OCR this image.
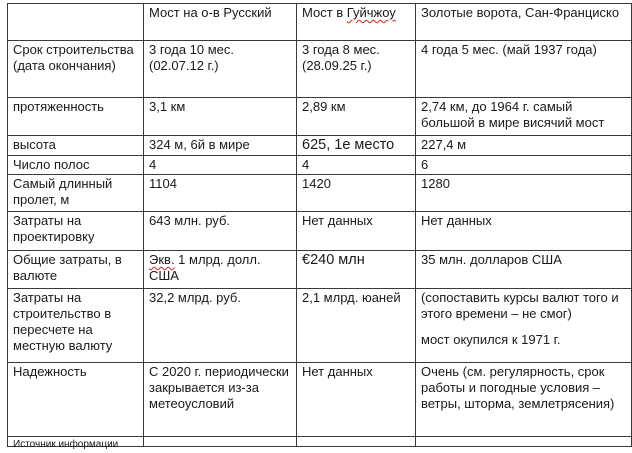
	Мост на о-в Русский	Мост в Гуйчжоу	Золотые ворота, Сан-Франциско
Срок строительства (дата окончания)	3 года 10 мес. (02.07.12 г.)	3 года 8 мес. (28.09.25 г.)	4 года 5 мес. (май 1937 года)
протяженность	3,1 км	2,89 км	2,74 км, до 1964 г. самый большой в мире висячий мост
высота	324 м, 6й в мире	625, 1е место	227,4 м
Число полос	4	4	6
Самый длинный пролет, м	1104	1420	1280
Затраты на проектировку	643 млн. руб.	Нет данных	Нет данных
Общие затраты, в валюте	Экв. 1 млрд. долл. США	€240 млн	35 млн. долларов США
Затраты на строительство в пересчете на местную валюту	32,2 млрд. руб.	2,1 млрд. юаней	(сопоставить курсы валют того и этого времени – не смог)
мост окупился к 1971 г.

Надежность	С 2020 г. периодически закрывается из-за метеоусловий	Нет данных	Очень (см. регулярность, срок работы и погодные условия – ветры, шторма, землетрясения)

Источник информации			
